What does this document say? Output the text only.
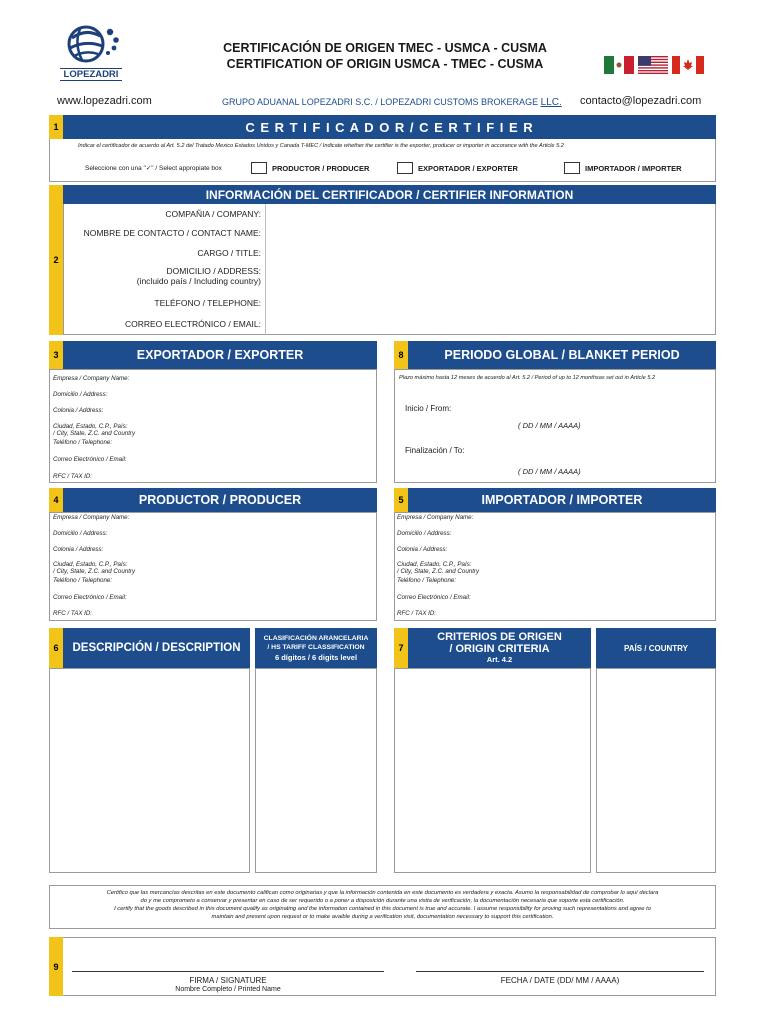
LOPEZADRI
CERTIFICACIÓN DE ORIGEN TMEC - USMCA - CUSMA
CERTIFICATION OF ORIGIN USMCA - TMEC - CUSMA
www.lopezadri.com	GRUPO ADUANAL LOPEZADRI S.C. / LOPEZADRI CUSTOMS BROKERAGE LLC. contacto@lopezadri.com
1	C E R T I F I C A D O R / C E R T I F I E R
Indicar el certificador de acuerdo al Art. 5.2 del Tratado Mexico Estados Unidos y Canada T-MEC / Indicate whether the certifier is the exporter, producer or importer in accorance with the Article 5.2
Seleccione con una "✓" / Select appropiate box	PRODUCTOR / PRODUCER	EXPORTADOR / EXPORTER	IMPORTADOR / IMPORTER
2
INFORMACIÓN DEL CERTIFICADOR / CERTIFIER INFORMATION
COMPAÑIA / COMPANY:
NOMBRE DE CONTACTO / CONTACT NAME:
CARGO / TITLE:
DOMICILIO / ADDRESS:
(incluido país / Including country)
TELÉFONO / TELEPHONE:
CORREO ELECTRÓNICO / EMAIL:
3	EXPORTADOR / EXPORTER
Empresa / Company Name:
Domicilio / Address:
Colonia / Address:
Ciudad, Estado, C.P., País:
/ City, State, Z.C. and Country
Teléfono / Telephone:
Correo Electrónico / Email:
RFC / TAX ID:
8	PERIODO GLOBAL / BLANKET PERIOD
Plazo máximo hasta 12 meses de acuerdo al Art. 5.2 / Period of up to 12 monthsas set out in Article 5.2
Inicio / From:
( DD / MM / AAAA)
Finalización / To:
( DD / MM / AAAA)
4	PRODUCTOR / PRODUCER
Empresa / Company Name:
Domicilio / Address:
Colonia / Address:
Ciudad, Estado, C.P., País:
/ City, State, Z.C. and Country
Teléfono / Telephone:
Correo Electrónico / Email:
RFC / TAX ID:
5	IMPORTADOR / IMPORTER
Empresa / Company Name:
Domicilio / Address:
Colonia / Address:
Ciudad, Estado, C.P., País:
/ City, State, Z.C. and Country
Teléfono / Telephone:
Correo Electrónico / Email:
RFC / TAX ID:
6	DESCRIPCIÓN / DESCRIPTION
CLASIFICACIÓN ARANCELARIA
/ HS TARIFF CLASSIFICATION
6 dígitos / 6 digits level
7
CRITERIOS DE ORIGEN
/ ORIGIN CRITERIA
Art. 4.2
PAÍS / COUNTRY
Certifico que las mercancías descritas en este documento califican como originarias y que la información contenida en este documento es verdadera y exacta. Asumo la responsabilidad de comprobar lo aquí declara
do y me comprometo a conservar y presentar en caso de ser requerido o a poner a disposición durante una visita de verificación, la documentación necesaria que soporte esta certificación.
I certify that the goods described in this document qualify as originating and the information contained in this document is true and accurate. I assume responsibility for proving such representations and agree to
maintain and present upon request or to make avaible during a verification visit, documentation necessary to support this certification.
9
FIRMA / SIGNATURE
Nombre Completo / Printed Name
FECHA / DATE (DD/ MM / AAAA)
